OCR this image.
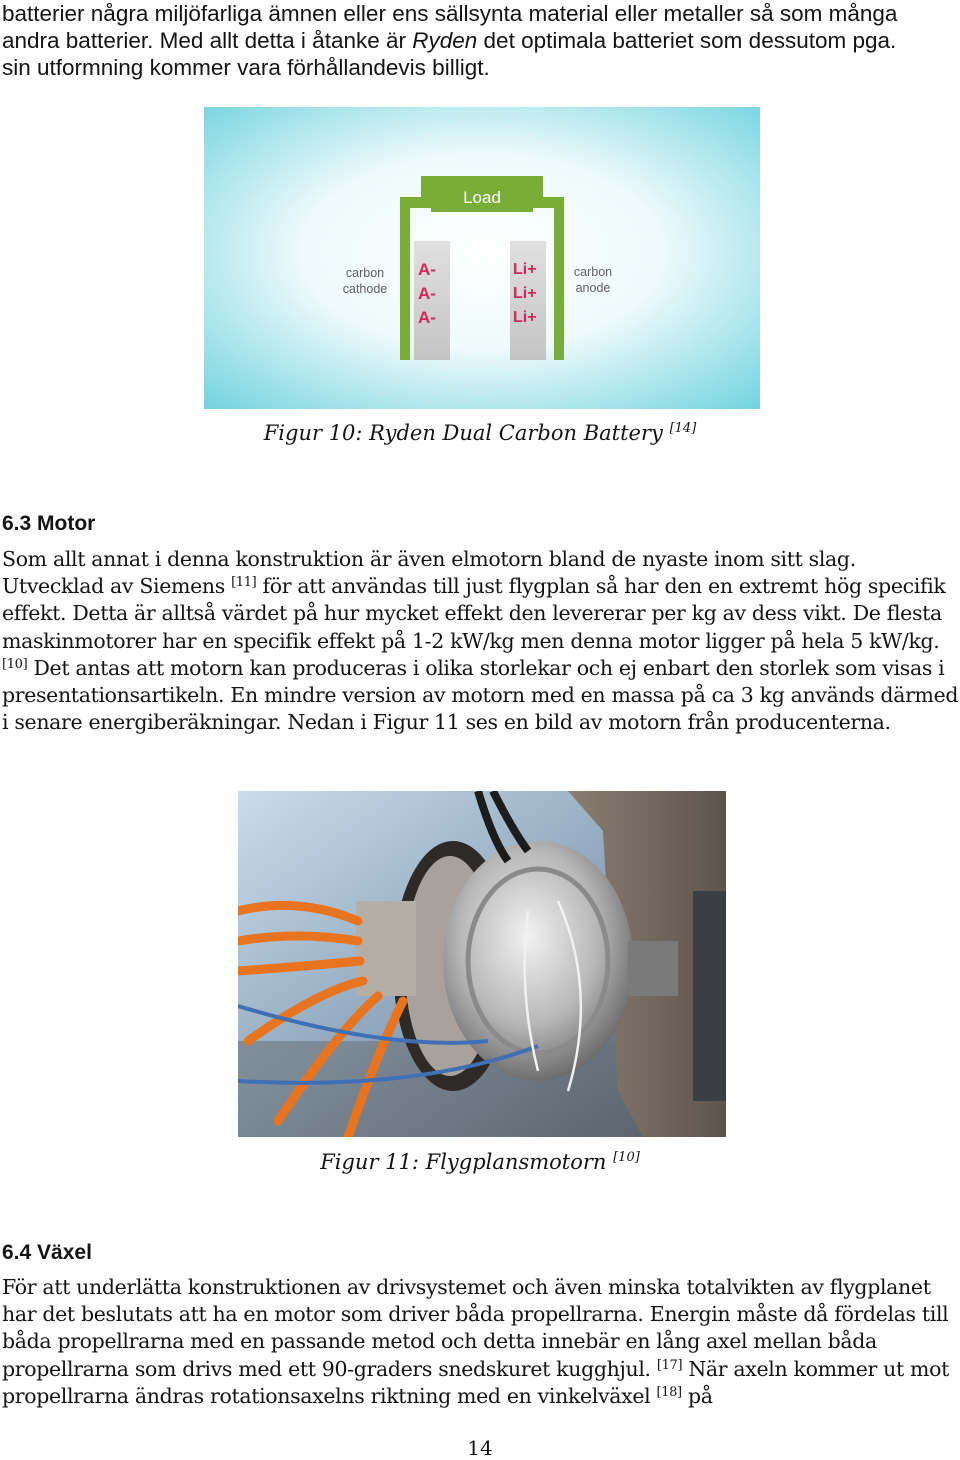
batterier några miljöfarliga ämnen eller ens sällsynta material eller metaller så som många
andra batterier. Med allt detta i åtanke är Ryden det optimala batteriet som dessutom pga.
sin utformning kommer vara förhållandevis billigt.

Load
A-
A-
A-
Li+
Li+
Li+
carbon
cathode
carbon
anode

Figur 10: Ryden Dual Carbon Battery [14]

6.3 Motor

Som allt annat i denna konstruktion är även elmotorn bland de nyaste inom sitt slag. Utvecklad av Siemens [11] för att användas till just flygplan så har den en extremt hög specifik effekt. Detta är alltså värdet på hur mycket effekt den levererar per kg av dess vikt. De flesta maskinmotorer har en specifik effekt på 1-2 kW/kg men denna motor ligger på hela 5 kW/kg. [10] Det antas att motorn kan produceras i olika storlekar och ej enbart den storlek som visas i presentationsartikeln. En mindre version av motorn med en massa på ca 3 kg används därmed i senare energiberäkningar. Nedan i Figur 11 ses en bild av motorn från producenterna.

Figur 11: Flygplansmotorn [10]

6.4 Växel

För att underlätta konstruktionen av drivsystemet och även minska totalvikten av flygplanet har det beslutats att ha en motor som driver båda propellrarna. Energin måste då fördelas till båda propellrarna med en passande metod och detta innebär en lång axel mellan båda propellrarna som drivs med ett 90-graders snedskuret kugghjul. [17] När axeln kommer ut mot propellrarna ändras rotationsaxelns riktning med en vinkelväxel [18] på

14
